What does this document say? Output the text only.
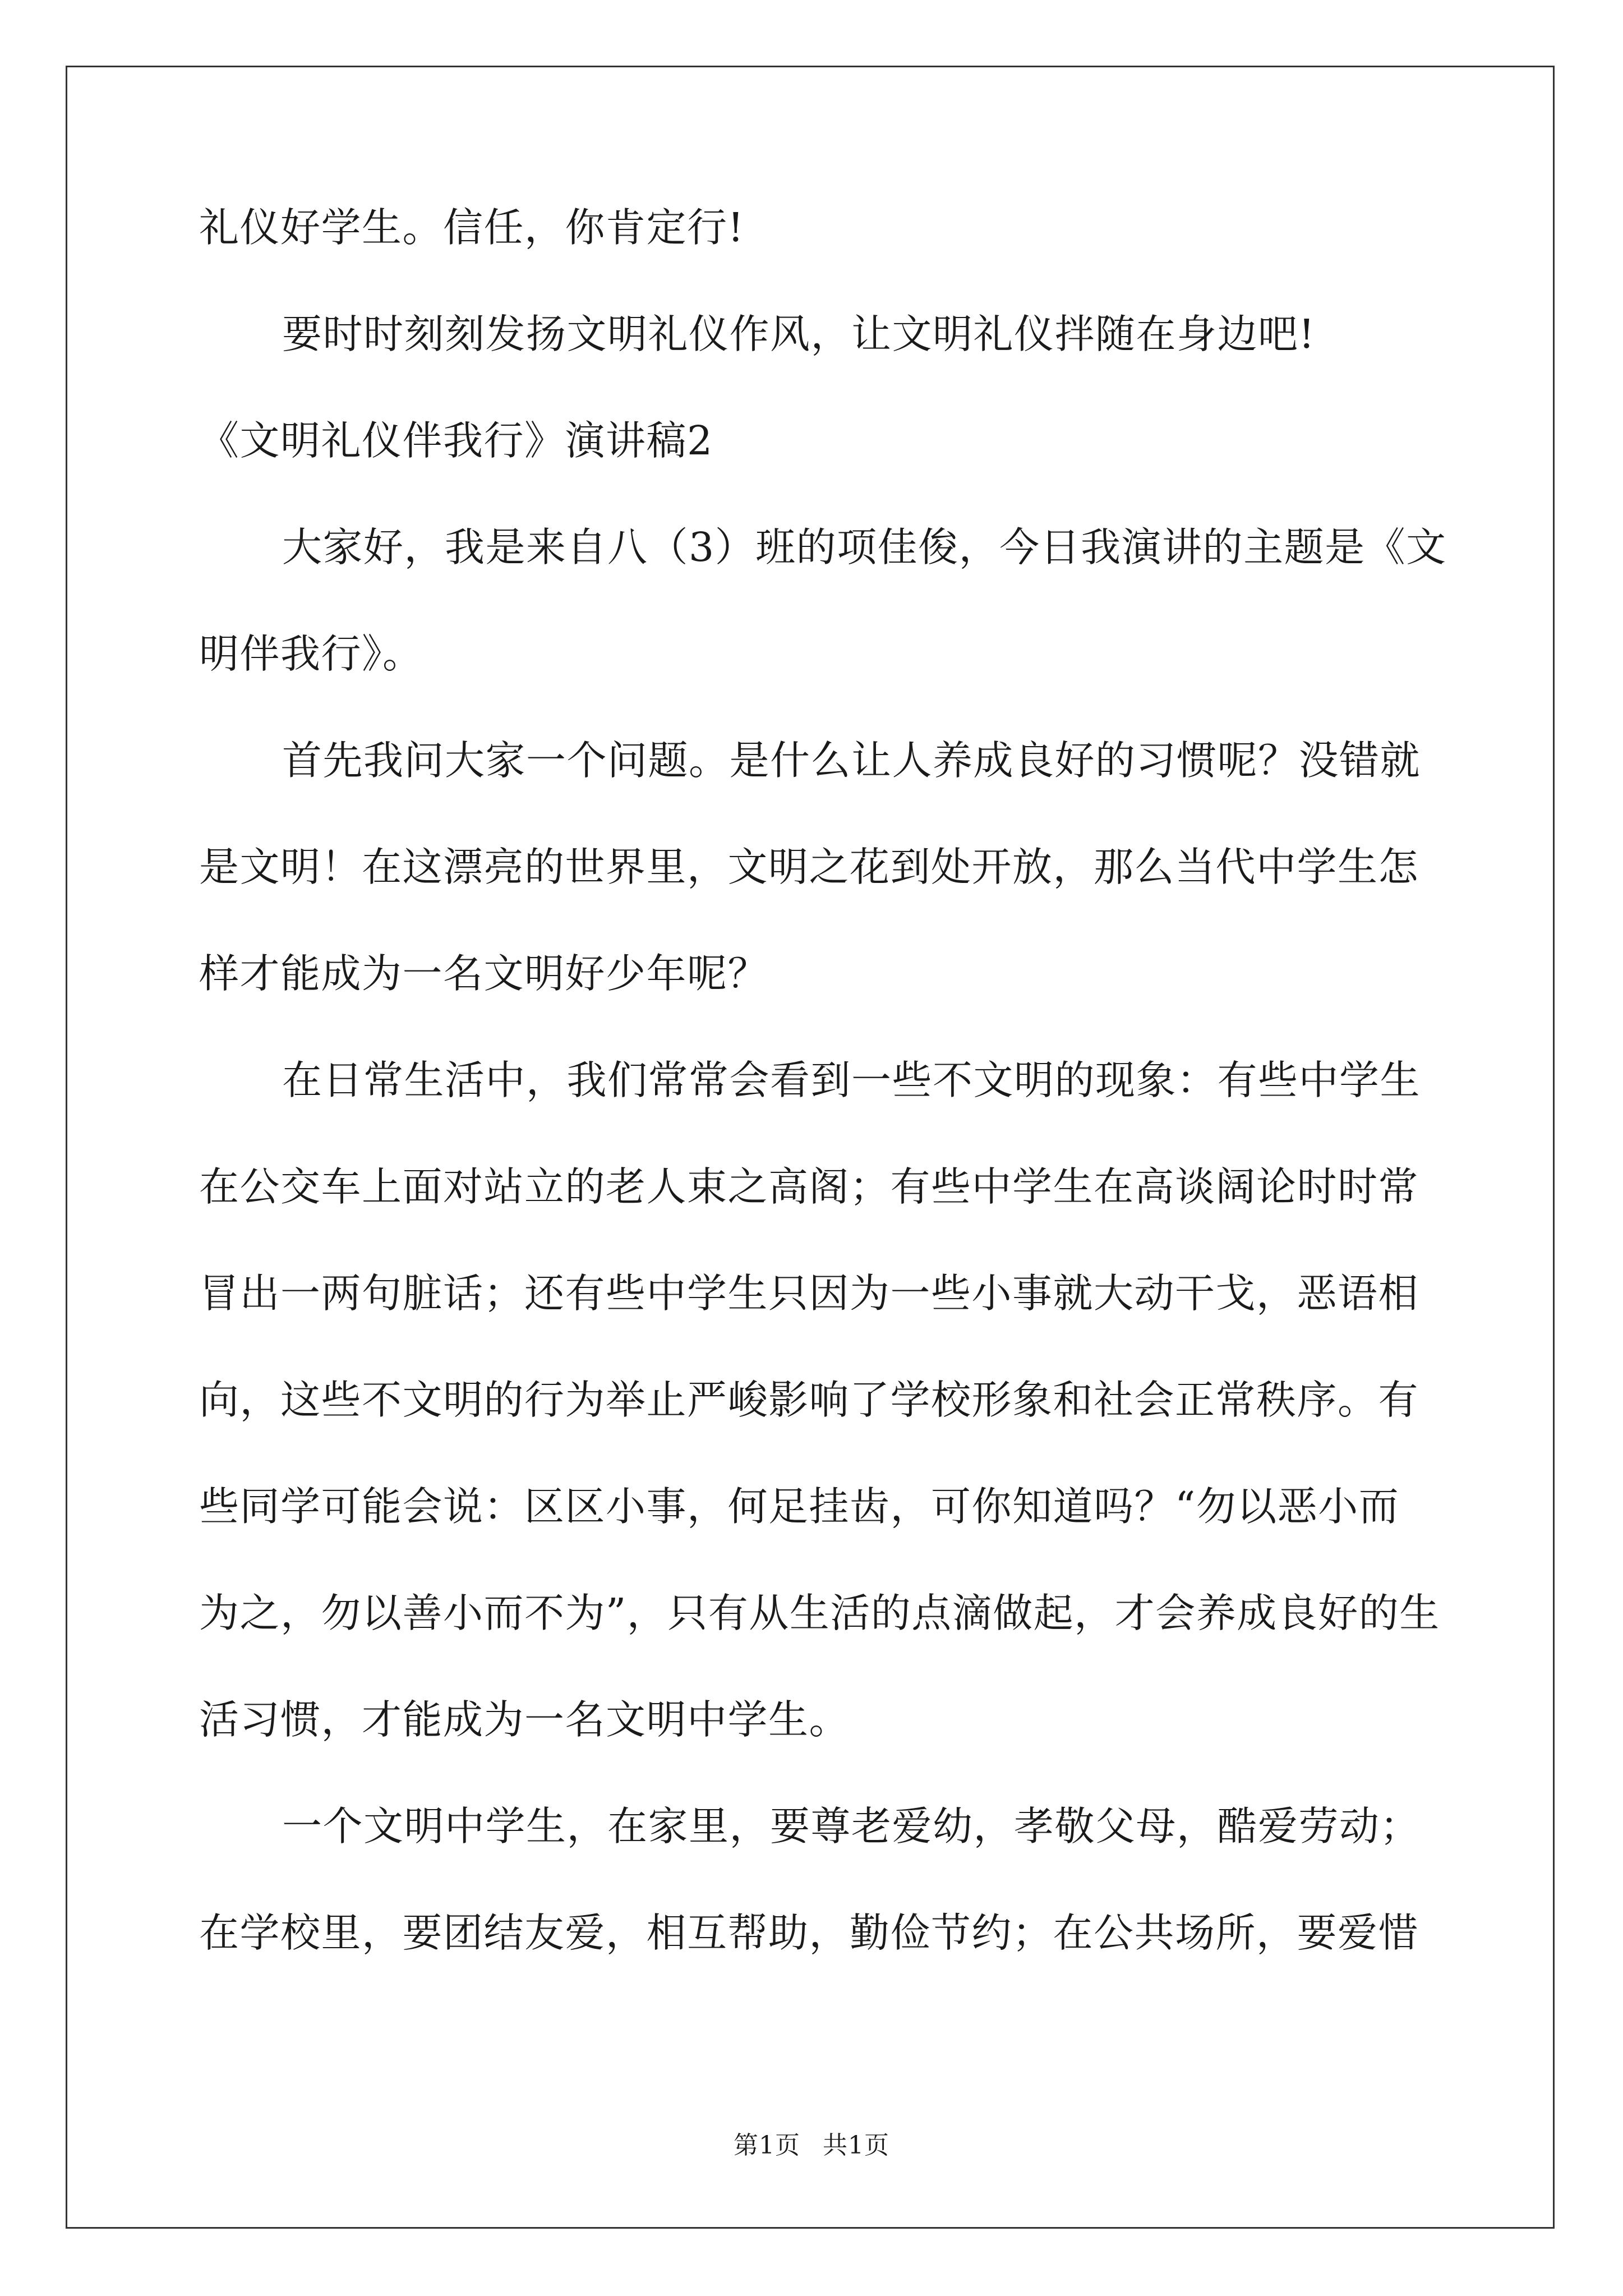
礼仪好学生。信任，你肯定行!
要时时刻刻发扬文明礼仪作风，让文明礼仪拌随在身边吧!
《文明礼仪伴我行》演讲稿2
大家好，我是来自八（3）班的项佳俊，今日我演讲的主题是《文
明伴我行》。
首先我问大家一个问题。是什么让人养成良好的习惯呢？没错就
是文明！在这漂亮的世界里，文明之花到处开放，那么当代中学生怎
样才能成为一名文明好少年呢？
在日常生活中，我们常常会看到一些不文明的现象：有些中学生
在公交车上面对站立的老人束之高阁；有些中学生在高谈阔论时时常
冒出一两句脏话；还有些中学生只因为一些小事就大动干戈，恶语相
向，这些不文明的行为举止严峻影响了学校形象和社会正常秩序。有
些同学可能会说：区区小事，何足挂齿，可你知道吗？“勿以恶小而
为之，勿以善小而不为”，只有从生活的点滴做起，才会养成良好的生
活习惯，才能成为一名文明中学生。
一个文明中学生，在家里，要尊老爱幼，孝敬父母，酷爱劳动；
在学校里，要团结友爱，相互帮助，勤俭节约；在公共场所，要爱惜
第1页 共1页
